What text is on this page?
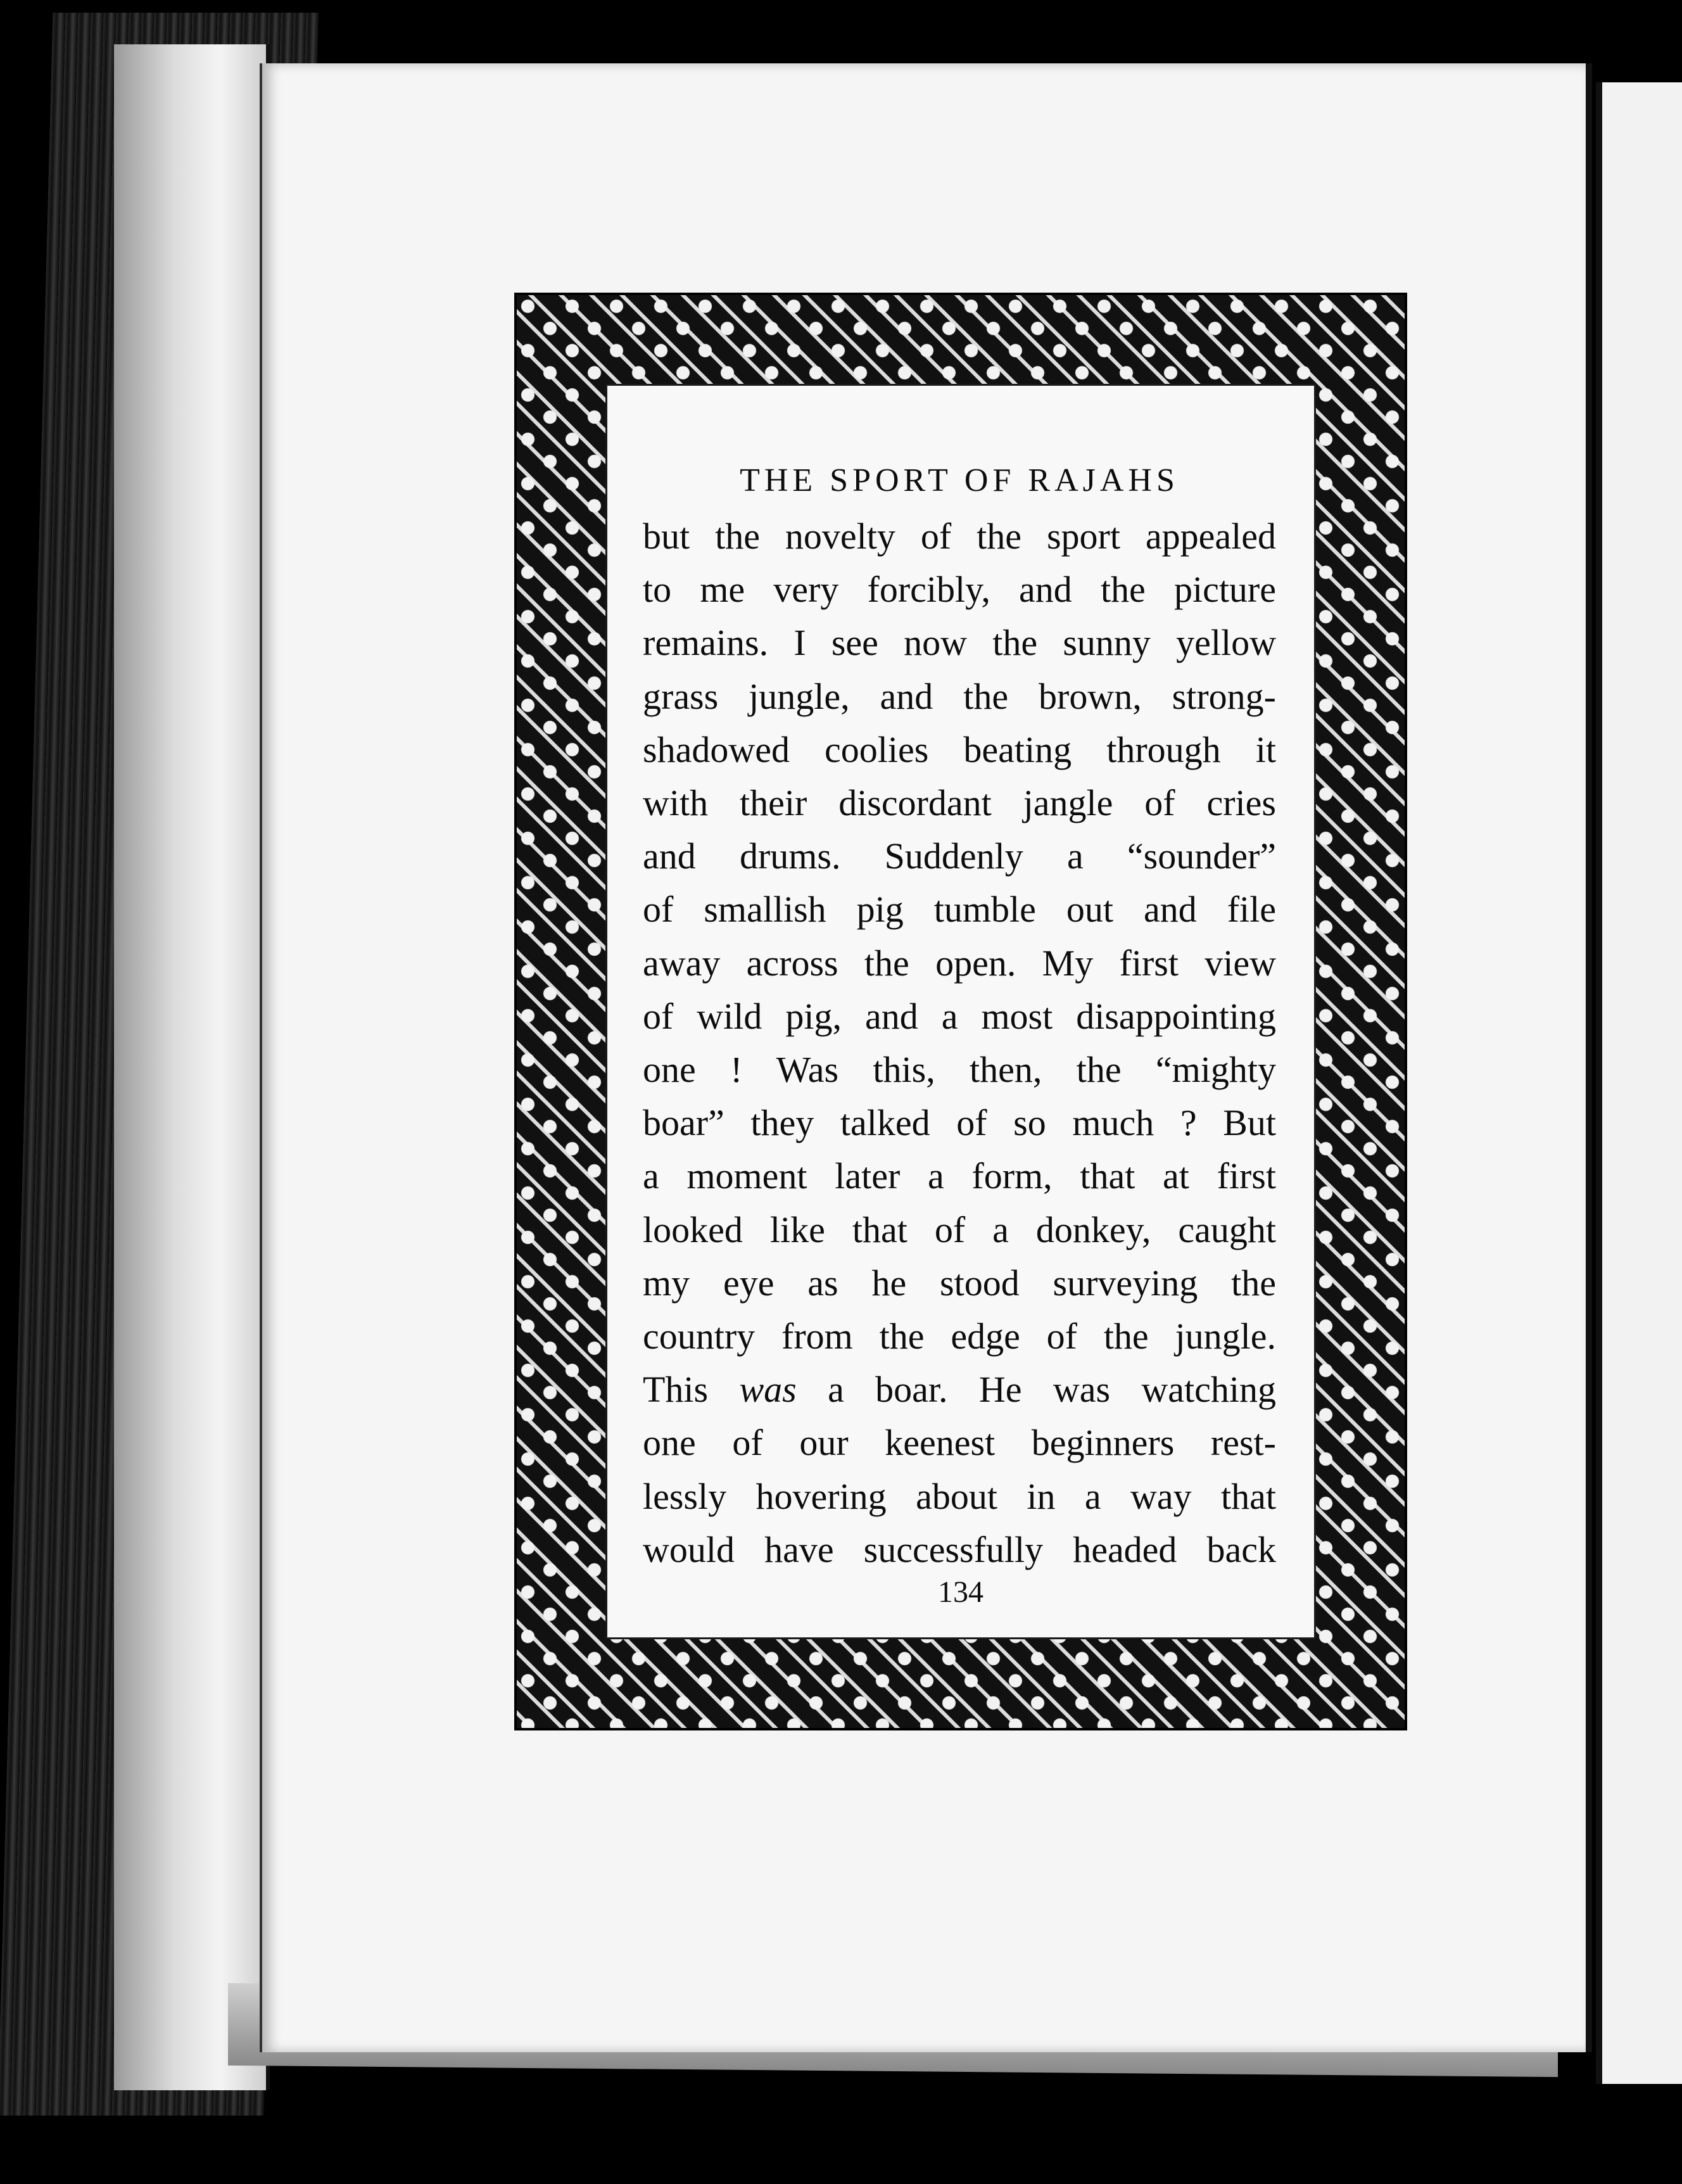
THE SPORT OF RAJAHS
but the novelty of the sport appealed
to me very forcibly, and the picture
remains. I see now the sunny yellow
grass jungle, and the brown, strong-
shadowed coolies beating through it
with their discordant jangle of cries
and drums. Suddenly a “sounder”
of smallish pig tumble out and file
away across the open. My first view
of wild pig, and a most disappointing
one ! Was this, then, the “mighty
boar” they talked of so much ? But
a moment later a form, that at first
looked like that of a donkey, caught
my eye as he stood surveying the
country from the edge of the jungle.
This was a boar. He was watching
one of our keenest beginners rest-
lessly hovering about in a way that
would have successfully headed back
134
